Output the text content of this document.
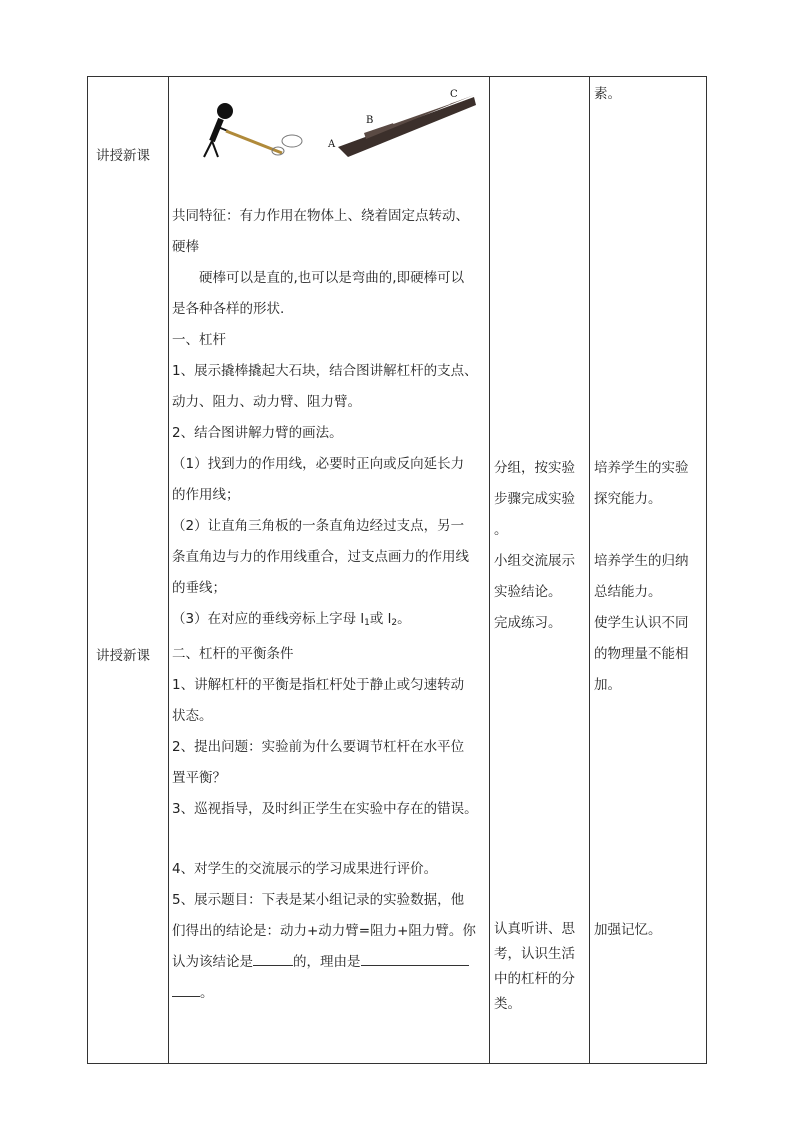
讲授新课
讲授新课
A
B
C
共同特征：有力作用在物体上、绕着固定点转动、
硬棒
硬棒可以是直的,也可以是弯曲的,即硬棒可以
是各种各样的形状.
一、杠杆
1、展示撬棒撬起大石块，结合图讲解杠杆的支点、
动力、阻力、动力臂、阻力臂。
2、结合图讲解力臂的画法。
（1）找到力的作用线，必要时正向或反向延长力
的作用线；
（2）让直角三角板的一条直角边经过支点，另一
条直角边与力的作用线重合，过支点画力的作用线
的垂线；
（3）在对应的垂线旁标上字母 $l_1$或 $l_2$。
二、杠杆的平衡条件
1、讲解杠杆的平衡是指杠杆处于静止或匀速转动
状态。
2、提出问题：实验前为什么要调节杠杆在水平位
置平衡？
3、巡视指导，及时纠正学生在实验中存在的错误。
4、对学生的交流展示的学习成果进行评价。
5、展示题目：下表是某小组记录的实验数据，他
们得出的结论是：动力+动力臂=阻力+阻力臂。你
认为该结论是	的，理由是
。
分组，按实验
步骤完成实验
。
小组交流展示
实验结论。
完成练习。
认真听讲、思
考，认识生活
中的杠杆的分
类。
素。
培养学生的实验
探究能力。
培养学生的归纳
总结能力。
使学生认识不同
的物理量不能相
加。
加强记忆。
